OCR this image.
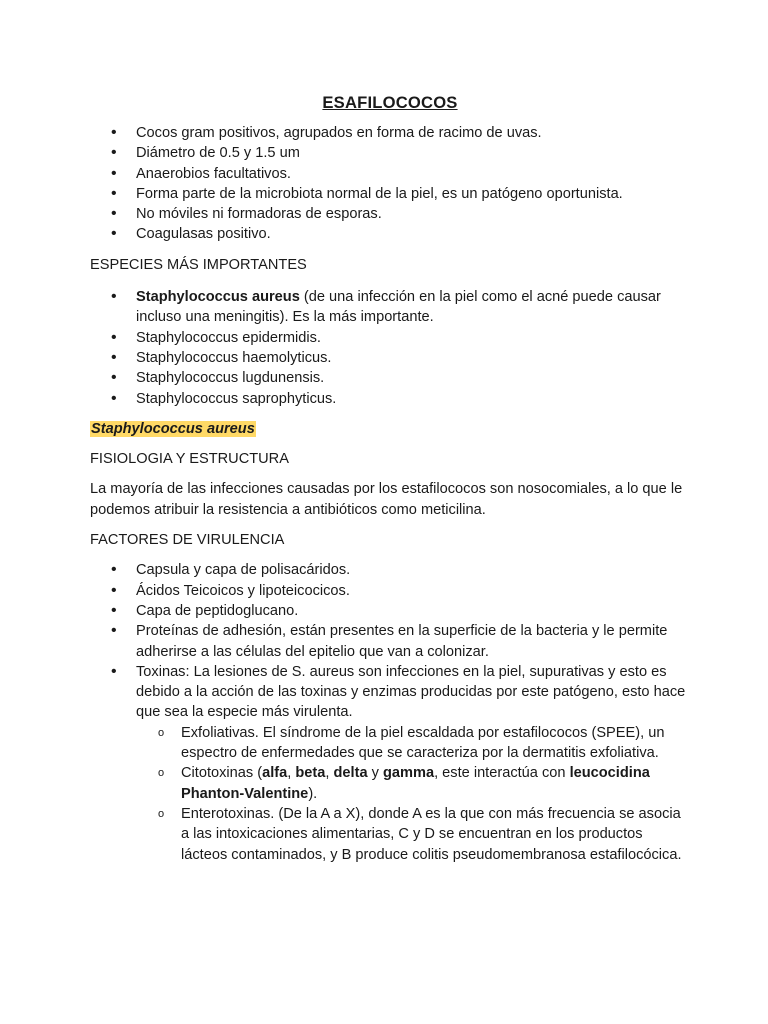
ESAFILOCOCOS
• Cocos gram positivos, agrupados en forma de racimo de uvas.
• Diámetro de 0.5 y 1.5 um
• Anaerobios facultativos.
• Forma parte de la microbiota normal de la piel, es un patógeno oportunista.
• No móviles ni formadoras de esporas.
• Coagulasas positivo.

ESPECIES MÁS IMPORTANTES

• Staphylococcus aureus (de una infección en la piel como el acné puede causar incluso una meningitis). Es la más importante.
• Staphylococcus epidermidis.
• Staphylococcus haemolyticus.
• Staphylococcus lugdunensis.
• Staphylococcus saprophyticus.

Staphylococcus aureus

FISIOLOGIA Y ESTRUCTURA

La mayoría de las infecciones causadas por los estafilococos son nosocomiales, a lo que le podemos atribuir la resistencia a antibióticos como meticilina.

FACTORES DE VIRULENCIA

• Capsula y capa de polisacáridos.
• Ácidos Teicoicos y lipoteicocicos.
• Capa de peptidoglucano.
• Proteínas de adhesión, están presentes en la superficie de la bacteria y le permite adherirse a las células del epitelio que van a colonizar.
• Toxinas: La lesiones de S. aureus son infecciones en la piel, supurativas y esto es debido a la acción de las toxinas y enzimas producidas por este patógeno, esto hace que sea la especie más virulenta.
o Exfoliativas. El síndrome de la piel escaldada por estafilococos (SPEE), un espectro de enfermedades que se caracteriza por la dermatitis exfoliativa.
o Citotoxinas (alfa, beta, delta y gamma, este interactúa con leucocidina Phanton-Valentine).
o Enterotoxinas. (De la A a X), donde A es la que con más frecuencia se asocia a las intoxicaciones alimentarias, C y D se encuentran en los productos lácteos contaminados, y B produce colitis pseudomembranosa estafilocócica.
